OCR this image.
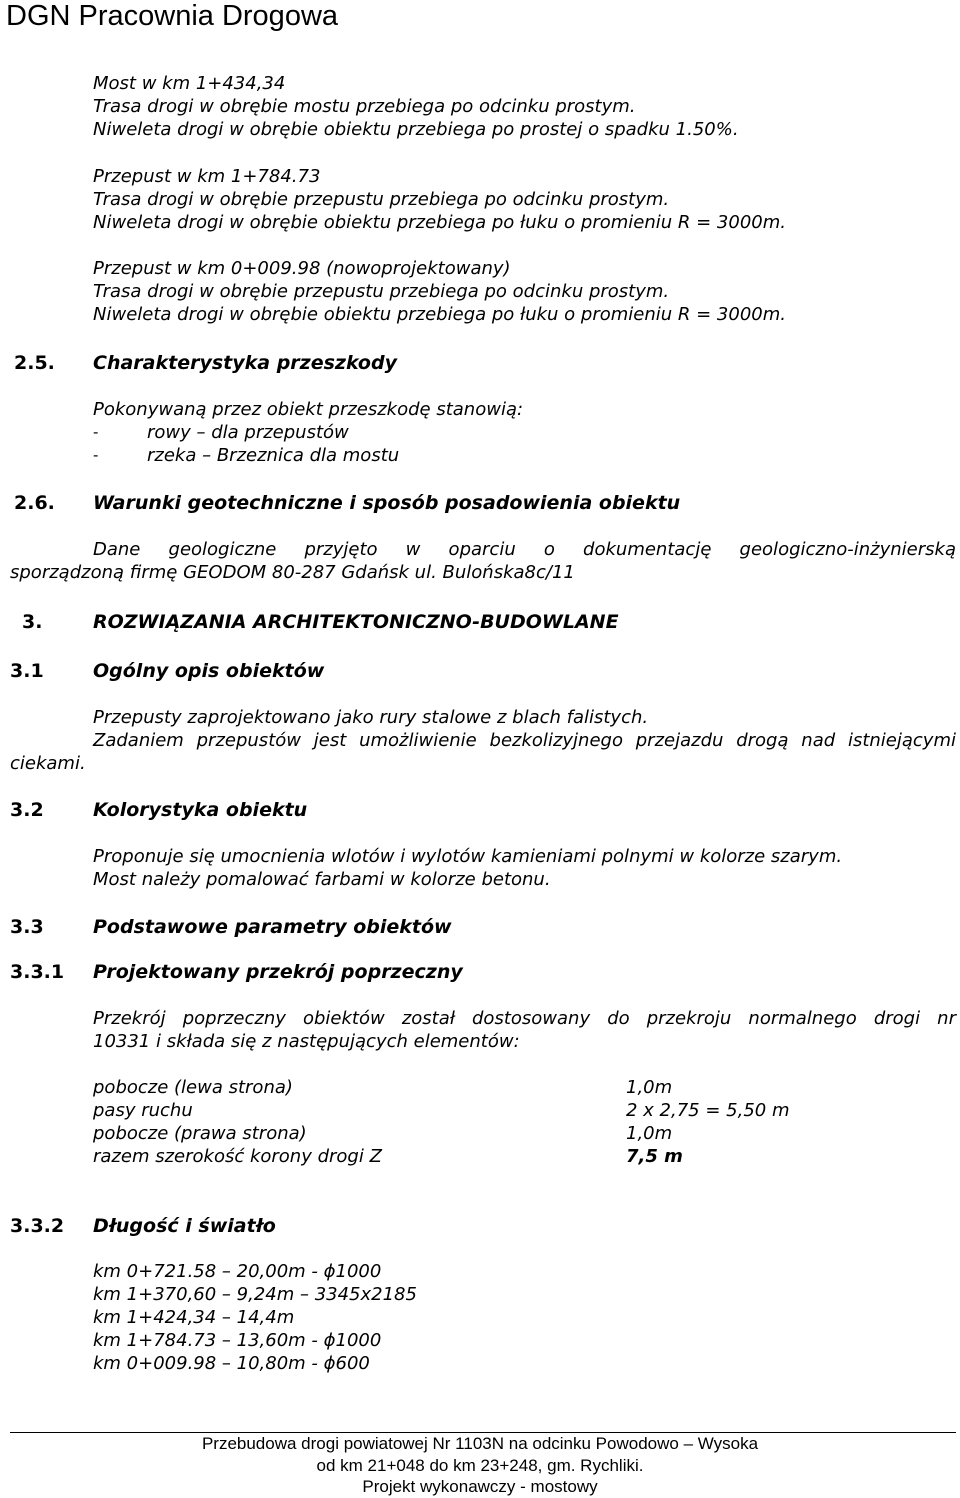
DGN Pracownia Drogowa
Most w km 1+434,34
Trasa drogi w obrębie mostu przebiega po odcinku prostym.
Niweleta drogi w obrębie obiektu przebiega po prostej o spadku 1.50%.
Przepust w km 1+784.73
Trasa drogi w obrębie przepustu przebiega po odcinku prostym.
Niweleta drogi w obrębie obiektu przebiega po łuku o promieniu R = 3000m.
Przepust w km 0+009.98 (nowoprojektowany)
Trasa drogi w obrębie przepustu przebiega po odcinku prostym.
Niweleta drogi w obrębie obiektu przebiega po łuku o promieniu R = 3000m.
2.5. Charakterystyka przeszkody
Pokonywaną przez obiekt przeszkodę stanowią:
-	rowy – dla przepustów
-	rzeka – Brzeznica dla mostu
2.6. Warunki geotechniczne i sposób posadowienia obiektu
Dane geologiczne przyjęto w oparciu o dokumentację geologiczno-inżynierską
sporządzoną firmę GEODOM 80-287 Gdańsk ul. Bulońska8c/11
3.	ROZWIĄZANIA ARCHITEKTONICZNO-BUDOWLANE
3.1	Ogólny opis obiektów
Przepusty zaprojektowano jako rury stalowe z blach falistych.
Zadaniem przepustów jest umożliwienie bezkolizyjnego przejazdu drogą nad istniejącymi
ciekami.
3.2	Kolorystyka obiektu
Proponuje się umocnienia wlotów i wylotów kamieniami polnymi w kolorze szarym.
Most należy pomalować farbami w kolorze betonu.
3.3	Podstawowe parametry obiektów
3.3.1 Projektowany przekrój poprzeczny
Przekrój poprzeczny obiektów został dostosowany do przekroju normalnego drogi nr
10331 i składa się z następujących elementów:
pobocze (lewa strona)	1,0m
pasy ruchu	2 x 2,75 = 5,50 m
pobocze (prawa strona)	1,0m
razem szerokość korony drogi Z	7,5 m
3.3.2 Długość i światło
km 0+721.58 – 20,00m - ϕ1000
km 1+370,60 – 9,24m – 3345x2185
km 1+424,34 – 14,4m
km 1+784.73 – 13,60m - ϕ1000
km 0+009.98 – 10,80m - ϕ600
Przebudowa drogi powiatowej Nr 1103N na odcinku Powodowo – Wysoka
od km 21+048 do km 23+248, gm. Rychliki.
Projekt wykonawczy - mostowy
